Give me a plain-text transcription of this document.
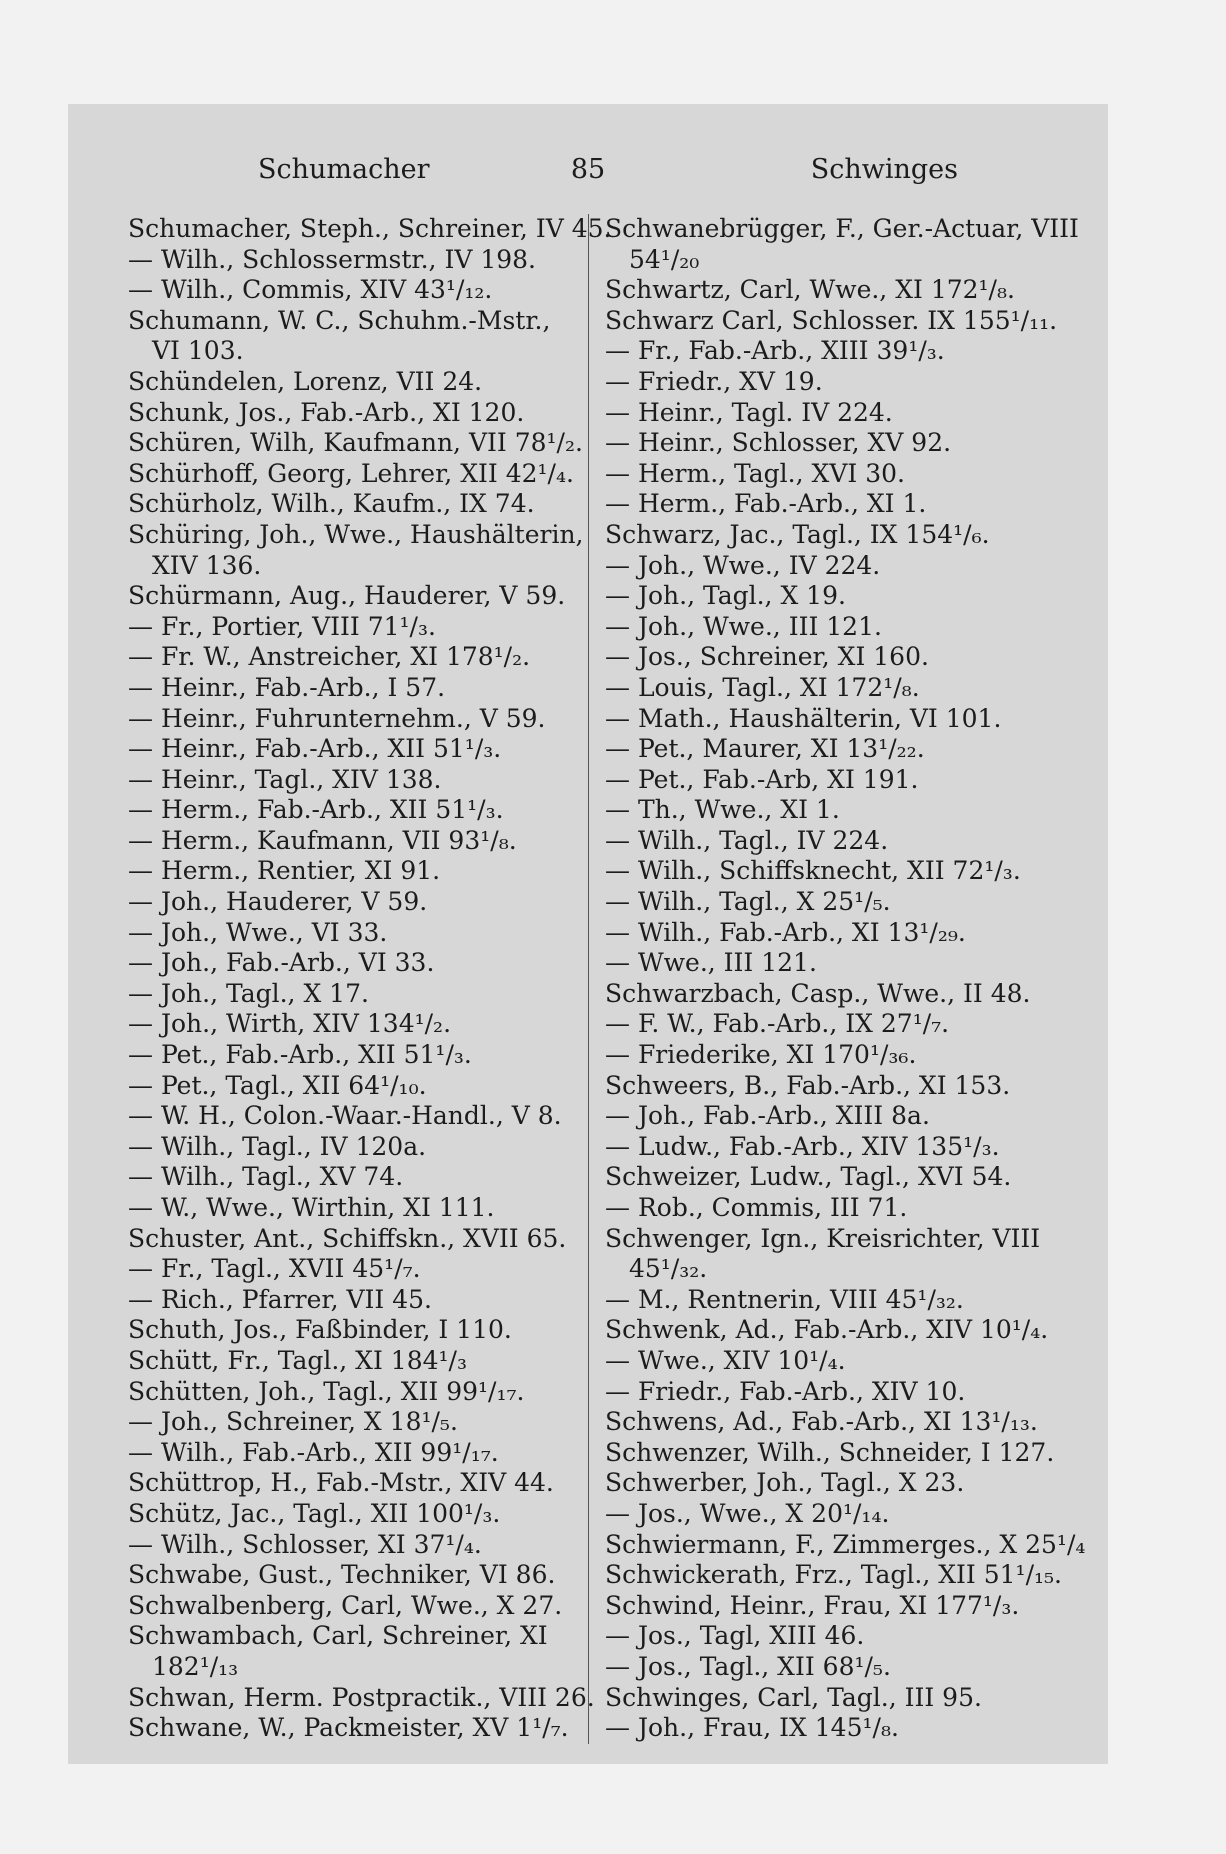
Schumacher	85	Schwinges
Schumacher, Steph., Schreiner, IV 45.
— Wilh., Schlossermstr., IV 198.
— Wilh., Commis, XIV 43¹/₁₂.
Schumann, W. C., Schuhm.-Mstr.,
VI 103.
Schündelen, Lorenz, VII 24.
Schunk, Jos., Fab.-Arb., XI 120.
Schüren, Wilh, Kaufmann, VII 78¹/₂.
Schürhoff, Georg, Lehrer, XII 42¹/₄.
Schürholz, Wilh., Kaufm., IX 74.
Schüring, Joh., Wwe., Haushälterin,
XIV 136.
Schürmann, Aug., Hauderer, V 59.
— Fr., Portier, VIII 71¹/₃.
— Fr. W., Anstreicher, XI 178¹/₂.
— Heinr., Fab.-Arb., I 57.
— Heinr., Fuhrunternehm., V 59.
— Heinr., Fab.-Arb., XII 51¹/₃.
— Heinr., Tagl., XIV 138.
— Herm., Fab.-Arb., XII 51¹/₃.
— Herm., Kaufmann, VII 93¹/₈.
— Herm., Rentier, XI 91.
— Joh., Hauderer, V 59.
— Joh., Wwe., VI 33.
— Joh., Fab.-Arb., VI 33.
— Joh., Tagl., X 17.
— Joh., Wirth, XIV 134¹/₂.
— Pet., Fab.-Arb., XII 51¹/₃.
— Pet., Tagl., XII 64¹/₁₀.
— W. H., Colon.-Waar.-Handl., V 8.
— Wilh., Tagl., IV 120a.
— Wilh., Tagl., XV 74.
— W., Wwe., Wirthin, XI 111.
Schuster, Ant., Schiffskn., XVII 65.
— Fr., Tagl., XVII 45¹/₇.
— Rich., Pfarrer, VII 45.
Schuth, Jos., Faßbinder, I 110.
Schütt, Fr., Tagl., XI 184¹/₃
Schütten, Joh., Tagl., XII 99¹/₁₇.
— Joh., Schreiner, X 18¹/₅.
— Wilh., Fab.-Arb., XII 99¹/₁₇.
Schüttrop, H., Fab.-Mstr., XIV 44.
Schütz, Jac., Tagl., XII 100¹/₃.
— Wilh., Schlosser, XI 37¹/₄.
Schwabe, Gust., Techniker, VI 86.
Schwalbenberg, Carl, Wwe., X 27.
Schwambach, Carl, Schreiner, XI
182¹/₁₃
Schwan, Herm. Postpractik., VIII 26.
Schwane, W., Packmeister, XV 1¹/₇.
Schwanebrügger, F., Ger.-Actuar, VIII
54¹/₂₀
Schwartz, Carl, Wwe., XI 172¹/₈.
Schwarz Carl, Schlosser. IX 155¹/₁₁.
— Fr., Fab.-Arb., XIII 39¹/₃.
— Friedr., XV 19.
— Heinr., Tagl. IV 224.
— Heinr., Schlosser, XV 92.
— Herm., Tagl., XVI 30.
— Herm., Fab.-Arb., XI 1.
Schwarz, Jac., Tagl., IX 154¹/₆.
— Joh., Wwe., IV 224.
— Joh., Tagl., X 19.
— Joh., Wwe., III 121.
— Jos., Schreiner, XI 160.
— Louis, Tagl., XI 172¹/₈.
— Math., Haushälterin, VI 101.
— Pet., Maurer, XI 13¹/₂₂.
— Pet., Fab.-Arb, XI 191.
— Th., Wwe., XI 1.
— Wilh., Tagl., IV 224.
— Wilh., Schiffsknecht, XII 72¹/₃.
— Wilh., Tagl., X 25¹/₅.
— Wilh., Fab.-Arb., XI 13¹/₂₉.
— Wwe., III 121.
Schwarzbach, Casp., Wwe., II 48.
— F. W., Fab.-Arb., IX 27¹/₇.
— Friederike, XI 170¹/₃₆.
Schweers, B., Fab.-Arb., XI 153.
— Joh., Fab.-Arb., XIII 8a.
— Ludw., Fab.-Arb., XIV 135¹/₃.
Schweizer, Ludw., Tagl., XVI 54.
— Rob., Commis, III 71.
Schwenger, Ign., Kreisrichter, VIII
45¹/₃₂.
— M., Rentnerin, VIII 45¹/₃₂.
Schwenk, Ad., Fab.-Arb., XIV 10¹/₄.
— Wwe., XIV 10¹/₄.
— Friedr., Fab.-Arb., XIV 10.
Schwens, Ad., Fab.-Arb., XI 13¹/₁₃.
Schwenzer, Wilh., Schneider, I 127.
Schwerber, Joh., Tagl., X 23.
— Jos., Wwe., X 20¹/₁₄.
Schwiermann, F., Zimmerges., X 25¹/₄
Schwickerath, Frz., Tagl., XII 51¹/₁₅.
Schwind, Heinr., Frau, XI 177¹/₃.
— Jos., Tagl, XIII 46.
— Jos., Tagl., XII 68¹/₅.
Schwinges, Carl, Tagl., III 95.
— Joh., Frau, IX 145¹/₈.
